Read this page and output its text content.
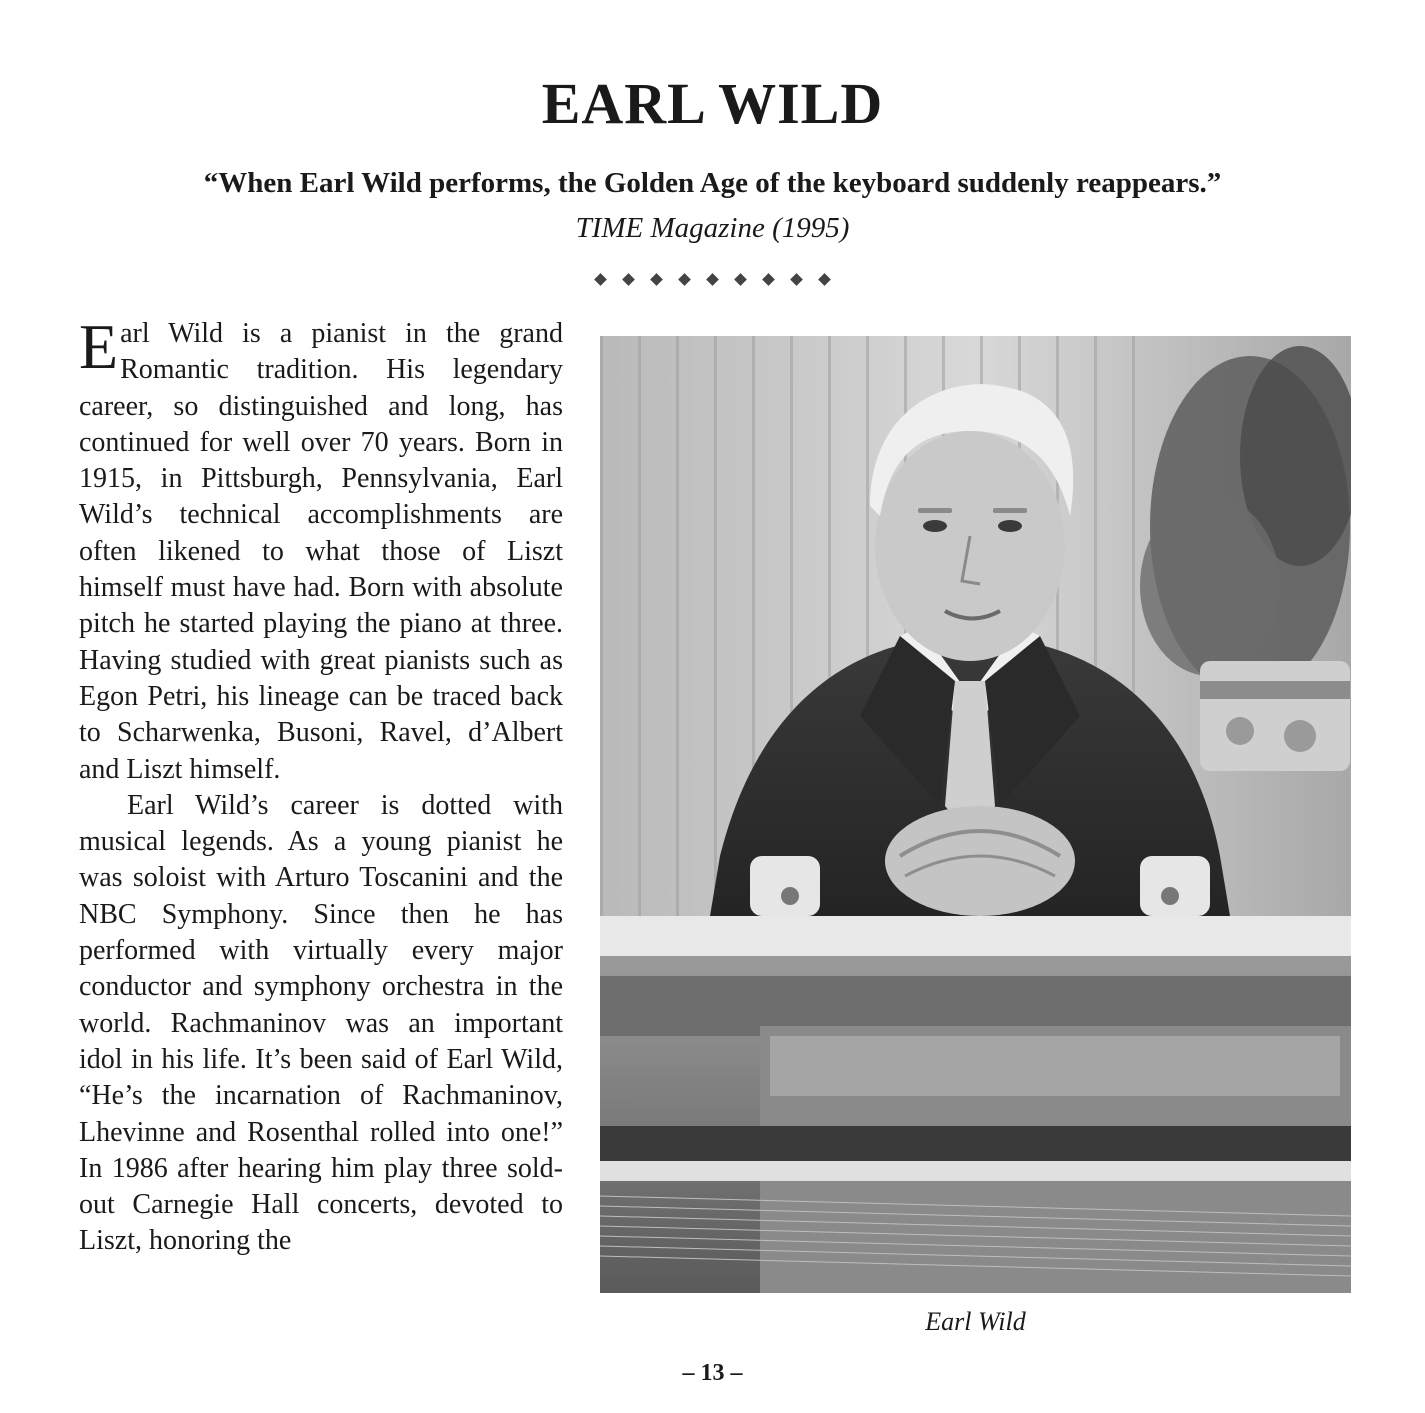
EARL WILD
“When Earl Wild performs, the Golden Age of the keyboard suddenly reappears.”
TIME Magazine (1995)

Earl Wild is a pianist in the grand Romantic tradition. His legendary career, so distinguished and long, has continued for well over 70 years. Born in 1915, in Pittsburgh, Pennsylvania, Earl Wild’s technical accomplishments are often likened to what those of Liszt himself must have had. Born with absolute pitch he started playing the piano at three. Having studied with great pianists such as Egon Petri, his lineage can be traced back to Scharwenka, Busoni, Ravel, d’Albert and Liszt himself.

Earl Wild’s career is dotted with musical legends. As a young pianist he was soloist with Arturo Toscanini and the NBC Symphony. Since then he has performed with virtually every major conductor and symphony orchestra in the world. Rachmaninov was an important idol in his life. It’s been said of Earl Wild, “He’s the incarnation of Rachmaninov, Lhevinne and Rosenthal rolled into one!” In 1986 after hearing him play three sold-out Carnegie Hall concerts, devoted to Liszt, honoring the

Earl Wild
– 13 –
